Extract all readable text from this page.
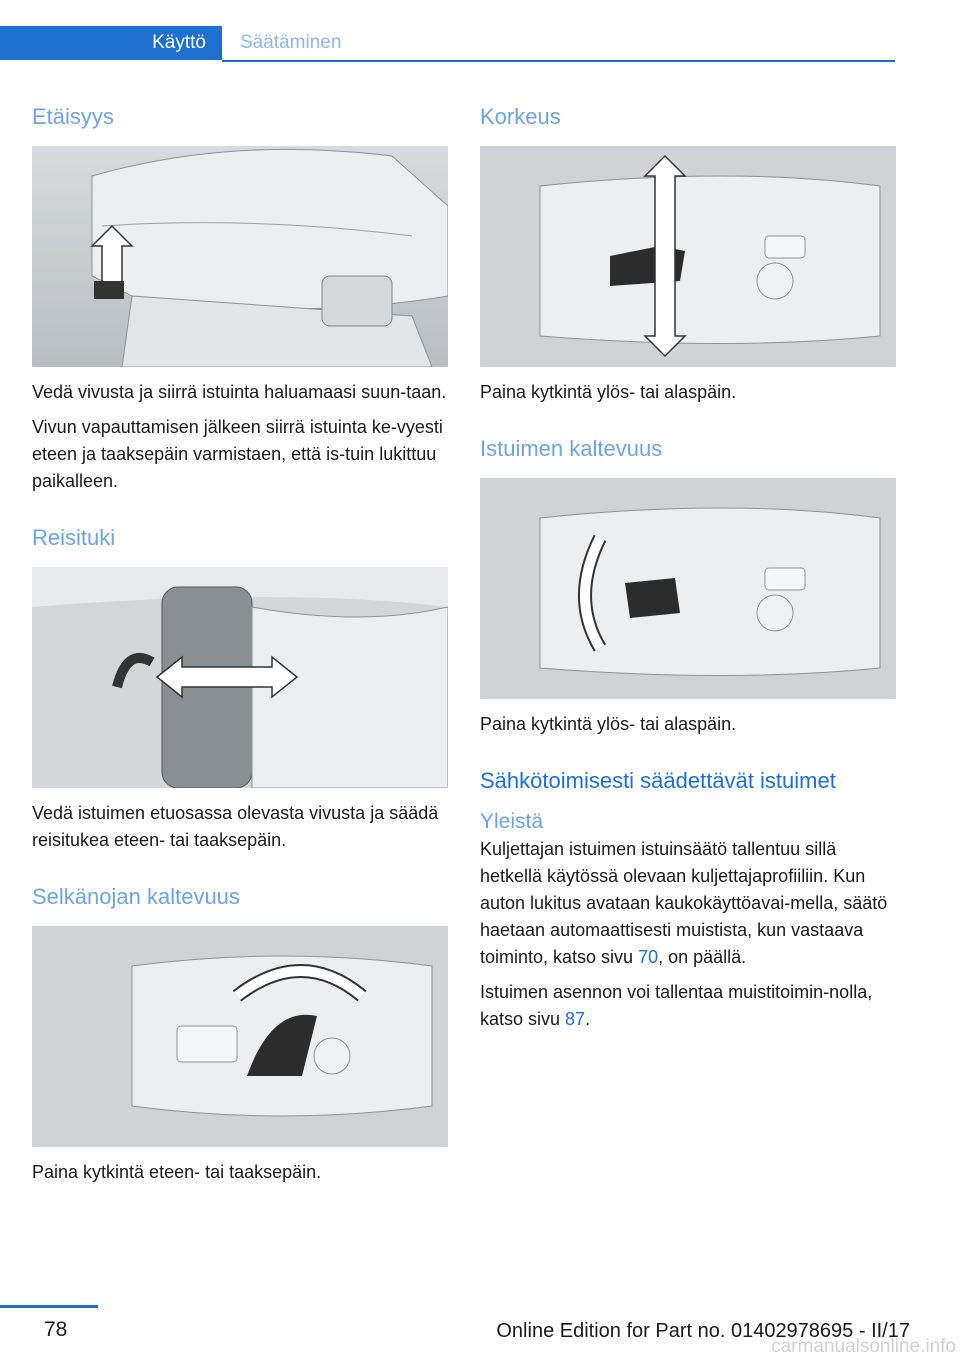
Käyttö	Säätäminen
Etäisyys

Vedä vivusta ja siirrä istuinta haluamaasi suun-taan.

Vivun vapauttamisen jälkeen siirrä istuinta ke-vyesti eteen ja taaksepäin varmistaen, että is-tuin lukittuu paikalleen.

Reisituki

Vedä istuimen etuosassa olevasta vivusta ja säädä reisitukea eteen- tai taaksepäin.

Selkänojan kaltevuus

Paina kytkintä eteen- tai taaksepäin.

Korkeus

Paina kytkintä ylös- tai alaspäin.

Istuimen kaltevuus

Paina kytkintä ylös- tai alaspäin.

Sähkötoimisesti säädettävät istuimet
Yleistä

Kuljettajan istuimen istuinsäätö tallentuu sillä hetkellä käytössä olevaan kuljettajaprofiiliin. Kun auton lukitus avataan kaukokäyttöavai-mella, säätö haetaan automaattisesti muistista, kun vastaava toiminto, katso sivu 70, on päällä.

Istuimen asennon voi tallentaa muistitoimin-nolla, katso sivu 87.

78	Online Edition for Part no. 01402978695 - II/17
carmanualsonline.info
